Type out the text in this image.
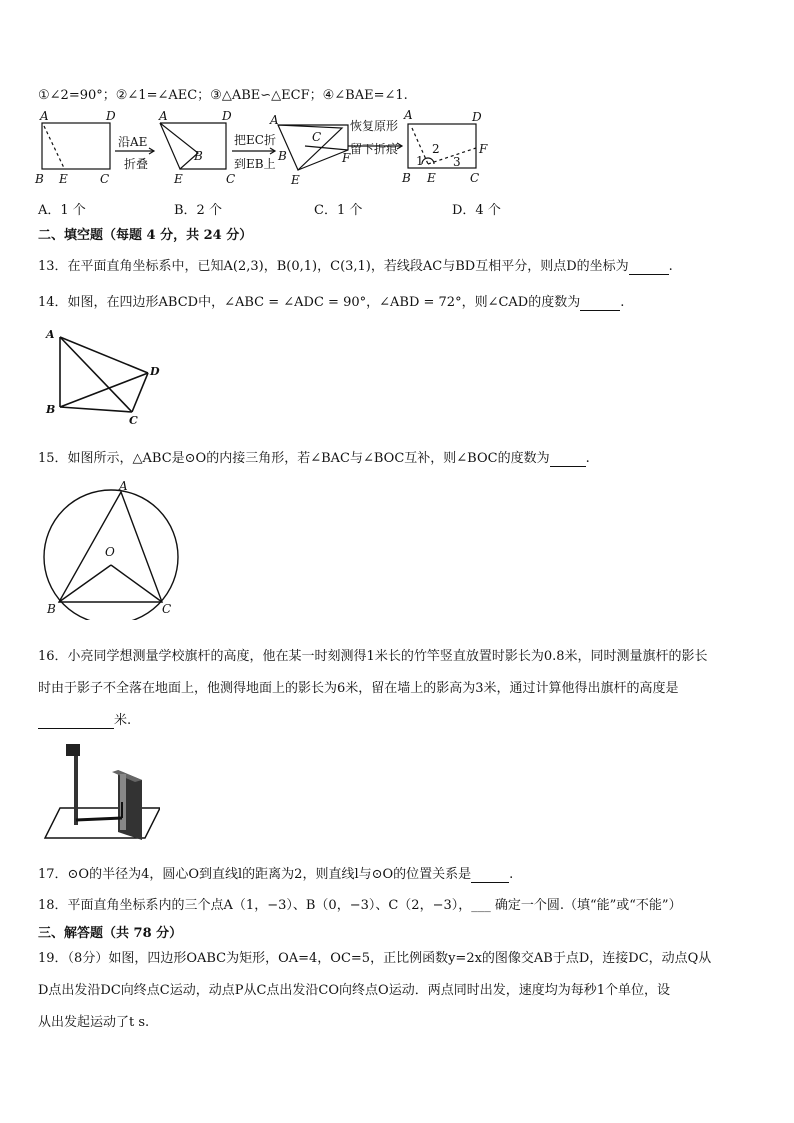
①∠2=90°；②∠1=∠AEC；③△ABE∽△ECF；④∠BAE=∠1.
A	D
B E	C
沿AE
折叠
A	D
B
E	C
把EC折
到EB上
A
C
B	F
E
恢复原形
留下折痕
A	D
F
1
2
3
B E	C
A．1 个	B．2 个	C．1 个	D．4 个
二、填空题（每题 4 分，共 24 分）
13．在平面直角坐标系中，已知A(2,3)，B(0,1)，C(3,1)，若线段AC与BD互相平分，则点D的坐标为	.
14．如图，在四边形ABCD中，∠ABC = ∠ADC = 90°，∠ABD = 72°，则∠CAD的度数为	.
A
B
C
D
15．如图所示，△ABC是⊙O的内接三角形，若∠BAC与∠BOC互补，则∠BOC的度数为	.
A
O
B	C
16．小亮同学想测量学校旗杆的高度，他在某一时刻测得1米长的竹竿竖直放置时影长为0.8米，同时测量旗杆的影长
时由于影子不全落在地面上，他测得地面上的影长为6米，留在墙上的影高为3米，通过计算他得出旗杆的高度是
米.
17．⊙O的半径为4，圆心O到直线l的距离为2，则直线l与⊙O的位置关系是	.
18．平面直角坐标系内的三个点A（1，−3）、B（0，−3）、C（2，−3），___ 确定一个圆.（填“能”或“不能”）
三、解答题（共 78 分）
19．（8分）如图，四边形OABC为矩形，OA=4，OC=5，正比例函数y=2x的图像交AB于点D，连接DC，动点Q从
D点出发沿DC向终点C运动，动点P从C点出发沿CO向终点O运动．两点同时出发，速度均为每秒1个单位，设
从出发起运动了t s.
